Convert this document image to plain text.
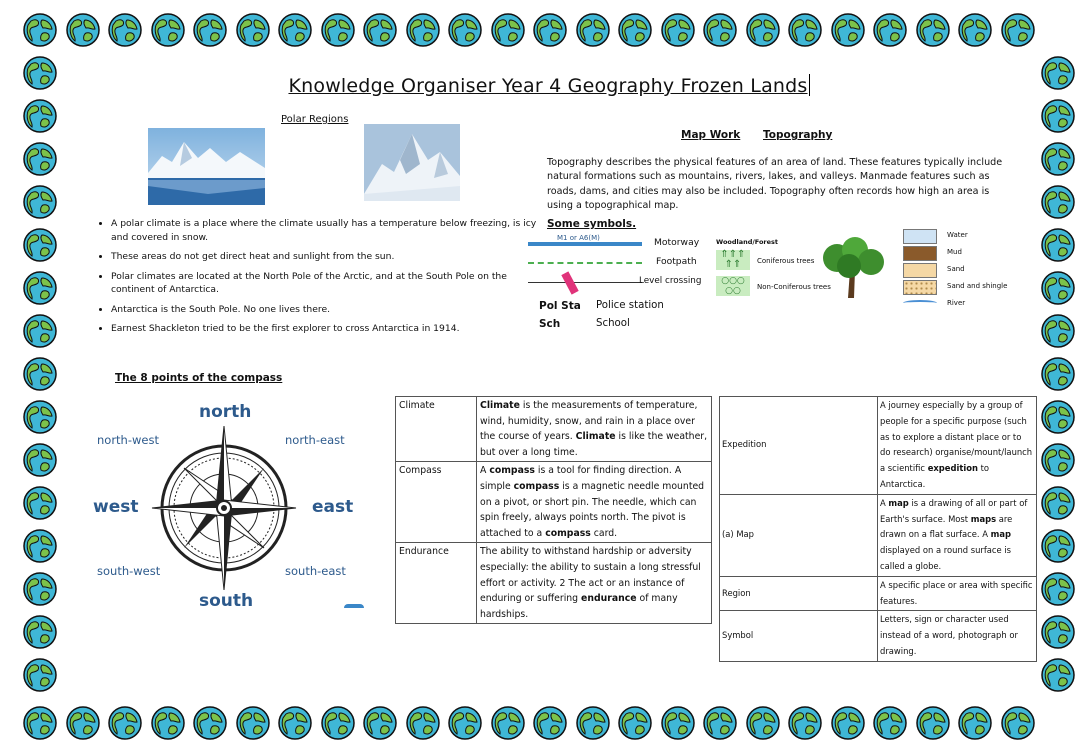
Knowledge Organiser Year 4 Geography Frozen Lands
Polar Regions
• A polar climate is a place where the climate usually has a temperature below freezing, is icy and covered in snow.
• These areas do not get direct heat and sunlight from the sun.
• Polar climates are located at the North Pole of the Arctic, and at the South Pole on the continent of Antarctica.
• Antarctica is the South Pole. No one lives there.
• Earnest Shackleton tried to be the first explorer to cross Antarctica in 1914.
Map Work Topography
Topography describes the physical features of an area of land. These features typically include natural formations such as mountains, rivers, lakes, and valleys. Manmade features such as roads, dams, and cities may also be included. Topography often records how high an area is using a topographical map.
Some symbols.
M1 or A6(M)	Motorway
Footpath
Level crossing
Pol Sta Police station
Sch	School
Woodland/Forest
⇑⇑⇑
⇑⇑	Coniferous trees
○○○
○○	Non-Coniferous trees
Water
Mud
Sand
Sand and shingle
River
The 8 points of the compass
north
south
west	east
north-west	north-east
south-west	south-east
Climate	Climate is the measurements of temperature, wind, humidity, snow, and rain in a place over the course of years. Climate is like the weather, but over a long time.
Compass	A compass is a tool for finding direction. A simple compass is a magnetic needle mounted on a pivot, or short pin. The needle, which can spin freely, always points north. The pivot is attached to a compass card.
Endurance	The ability to withstand hardship or adversity especially: the ability to sustain a long stressful effort or activity. 2 The act or an instance of enduring or suffering endurance of many hardships.
Expedition	A journey especially by a group of people for a specific purpose (such as to explore a distant place or to do research) organise/mount/launch a scientific expedition to Antarctica.
(a) Map	A map is a drawing of all or part of Earth's surface. Most maps are drawn on a flat surface. A map displayed on a round surface is called a globe.
Region	A specific place or area with specific features.
Symbol	Letters, sign or character used instead of a word, photograph or drawing.
